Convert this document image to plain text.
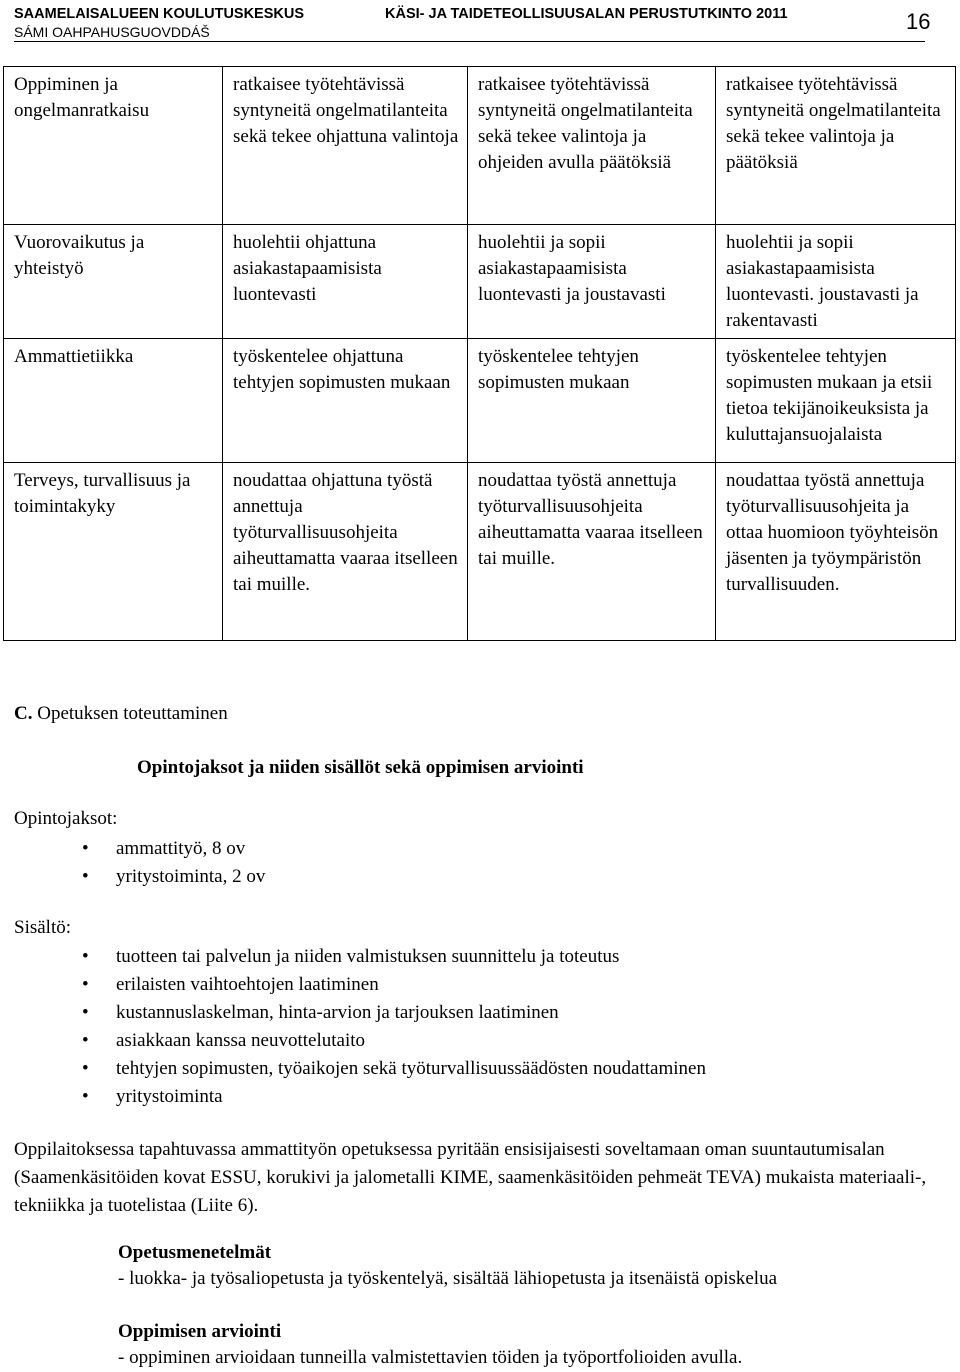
SAAMELAISALUEEN KOULUTUSKESKUS
SÁMI OAHPAHUSGUOVDDÁŠ
KÄSI- JA TAIDETEOLLISUUSALAN PERUSTUTKINTO 2011	16
Oppiminen ja ongelmanratkaisu	ratkaisee työtehtävissä syntyneitä ongelmatilanteita sekä tekee ohjattuna valintoja	ratkaisee työtehtävissä syntyneitä ongelmatilanteita sekä tekee valintoja ja ohjeiden avulla päätöksiä	ratkaisee työtehtävissä syntyneitä ongelmatilanteita sekä tekee valintoja ja päätöksiä
Vuorovaikutus ja yhteistyö	huolehtii ohjattuna asiakastapaamisista luontevasti	huolehtii ja sopii asiakastapaamisista luontevasti ja joustavasti	huolehtii ja sopii asiakastapaamisista luontevasti. joustavasti ja rakentavasti
Ammattietiikka	työskentelee ohjattuna tehtyjen sopimusten mukaan	työskentelee tehtyjen sopimusten mukaan	työskentelee tehtyjen sopimusten mukaan ja etsii tietoa tekijänoikeuksista ja kuluttajansuojalaista
Terveys, turvallisuus ja toimintakyky	noudattaa ohjattuna työstä annettuja työturvallisuusohjeita aiheuttamatta vaaraa itselleen tai muille.	noudattaa työstä annettuja työturvallisuusohjeita aiheuttamatta vaaraa itselleen tai muille.	noudattaa työstä annettuja työturvallisuusohjeita ja ottaa huomioon työyhteisön jäsenten ja työympäristön turvallisuuden.
C. Opetuksen toteuttaminen
Opintojaksot ja niiden sisällöt sekä oppimisen arviointi
Opintojaksot:
• ammattityö, 8 ov
• yritystoiminta, 2 ov
Sisältö:
• tuotteen tai palvelun ja niiden valmistuksen suunnittelu ja toteutus
• erilaisten vaihtoehtojen laatiminen
• kustannuslaskelman, hinta-arvion ja tarjouksen laatiminen
• asiakkaan kanssa neuvottelutaito
• tehtyjen sopimusten, työaikojen sekä työturvallisuussäädösten noudattaminen
• yritystoiminta
Oppilaitoksessa tapahtuvassa ammattityön opetuksessa pyritään ensisijaisesti soveltamaan oman suuntautumisalan (Saamenkäsitöiden kovat ESSU, korukivi ja jalometalli KIME, saamenkäsitöiden pehmeät TEVA) mukaista materiaali-, tekniikka ja tuotelistaa (Liite 6).
Opetusmenetelmät
- luokka- ja työsaliopetusta ja työskentelyä, sisältää lähiopetusta ja itsenäistä opiskelua
Oppimisen arviointi
- oppiminen arvioidaan tunneilla valmistettavien töiden ja työportfolioiden avulla.
